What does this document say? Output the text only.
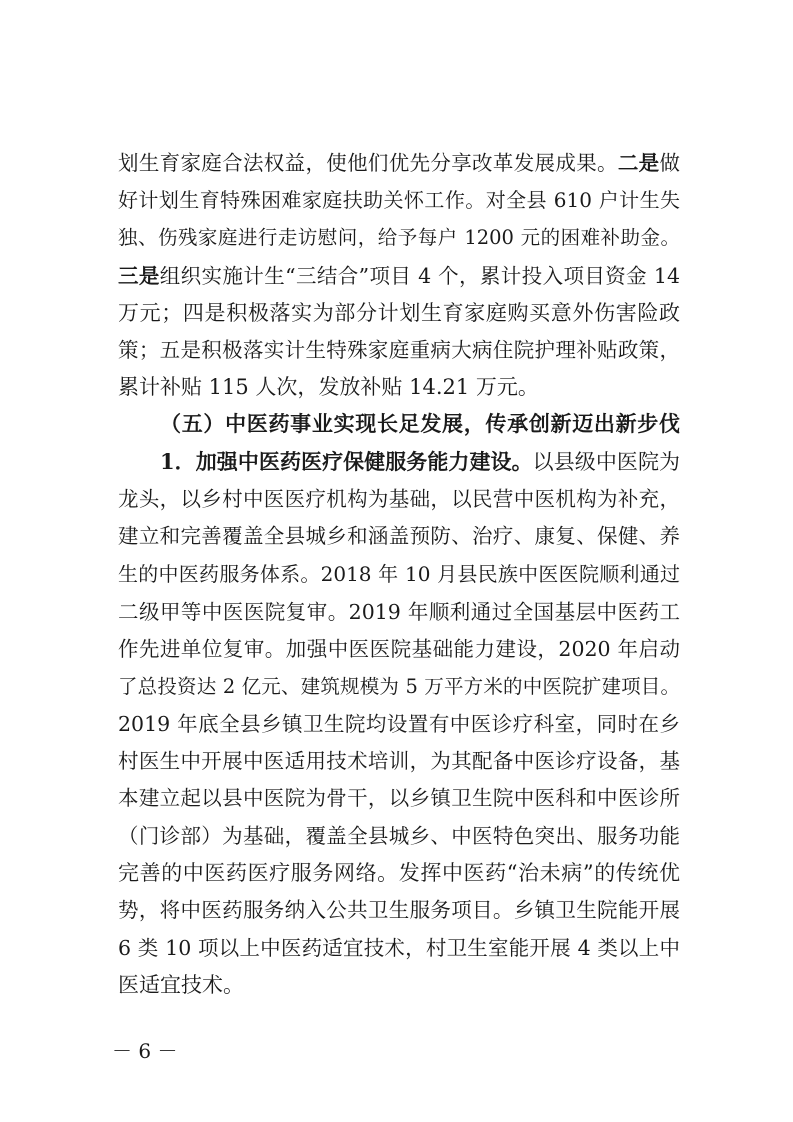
划生育家庭合法权益，使他们优先分享改革发展成果。二是做
好计划生育特殊困难家庭扶助关怀工作。对全县 610 户计生失
独、伤残家庭进行走访慰问，给予每户 1200 元的困难补助金。
三是组织实施计生“三结合”项目 4 个，累计投入项目资金 14
万元；四是积极落实为部分计划生育家庭购买意外伤害险政
策；五是积极落实计生特殊家庭重病大病住院护理补贴政策，
累计补贴 115 人次，发放补贴 14.21 万元。
（五）中医药事业实现长足发展，传承创新迈出新步伐
1．加强中医药医疗保健服务能力建设。以县级中医院为
龙头，以乡村中医医疗机构为基础，以民营中医机构为补充，
建立和完善覆盖全县城乡和涵盖预防、治疗、康复、保健、养
生的中医药服务体系。2018 年 10 月县民族中医医院顺利通过
二级甲等中医医院复审。2019 年顺利通过全国基层中医药工
作先进单位复审。加强中医医院基础能力建设，2020 年启动
了总投资达 2 亿元、建筑规模为 5 万平方米的中医院扩建项目。
2019 年底全县乡镇卫生院均设置有中医诊疗科室，同时在乡
村医生中开展中医适用技术培训，为其配备中医诊疗设备，基
本建立起以县中医院为骨干，以乡镇卫生院中医科和中医诊所
（门诊部）为基础，覆盖全县城乡、中医特色突出、服务功能
完善的中医药医疗服务网络。发挥中医药“治未病”的传统优
势，将中医药服务纳入公共卫生服务项目。乡镇卫生院能开展
6 类 10 项以上中医药适宜技术，村卫生室能开展 4 类以上中
医适宜技术。
－ 6 －
